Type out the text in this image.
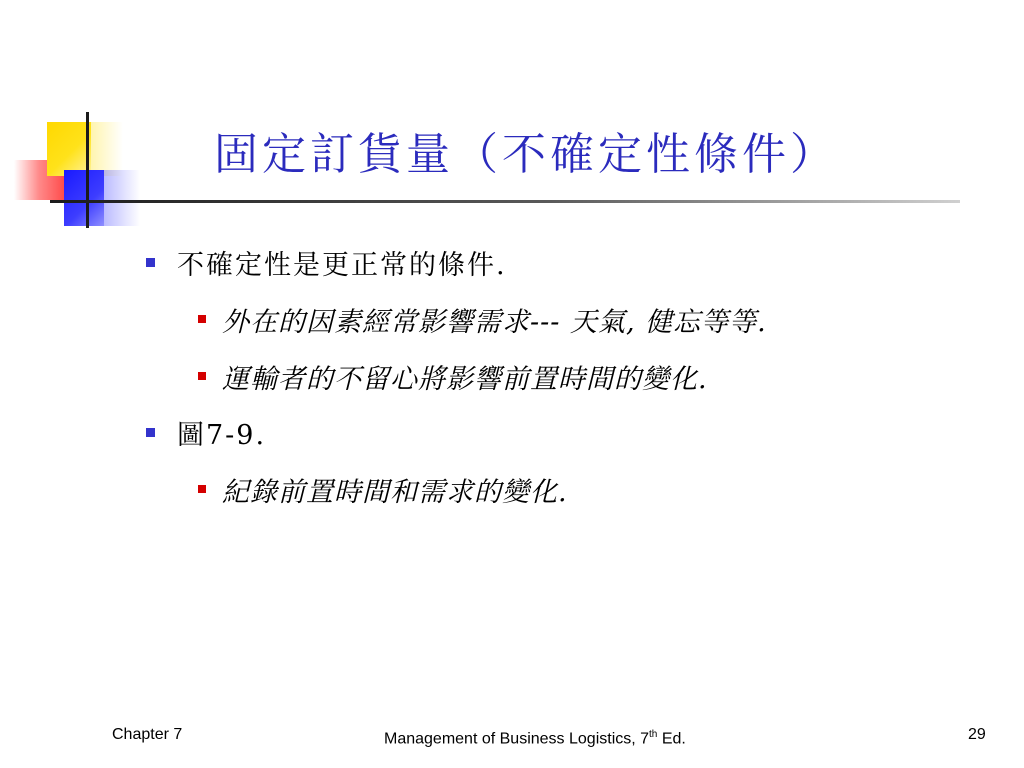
固定訂貨量（不確定性條件）
不確定性是更正常的條件.
外在的因素經常影響需求--- 天氣, 健忘等等.
運輸者的不留心將影響前置時間的變化.
圖7-9.
紀錄前置時間和需求的變化.
Chapter 7	Management of Business Logistics, 7th Ed.	29
